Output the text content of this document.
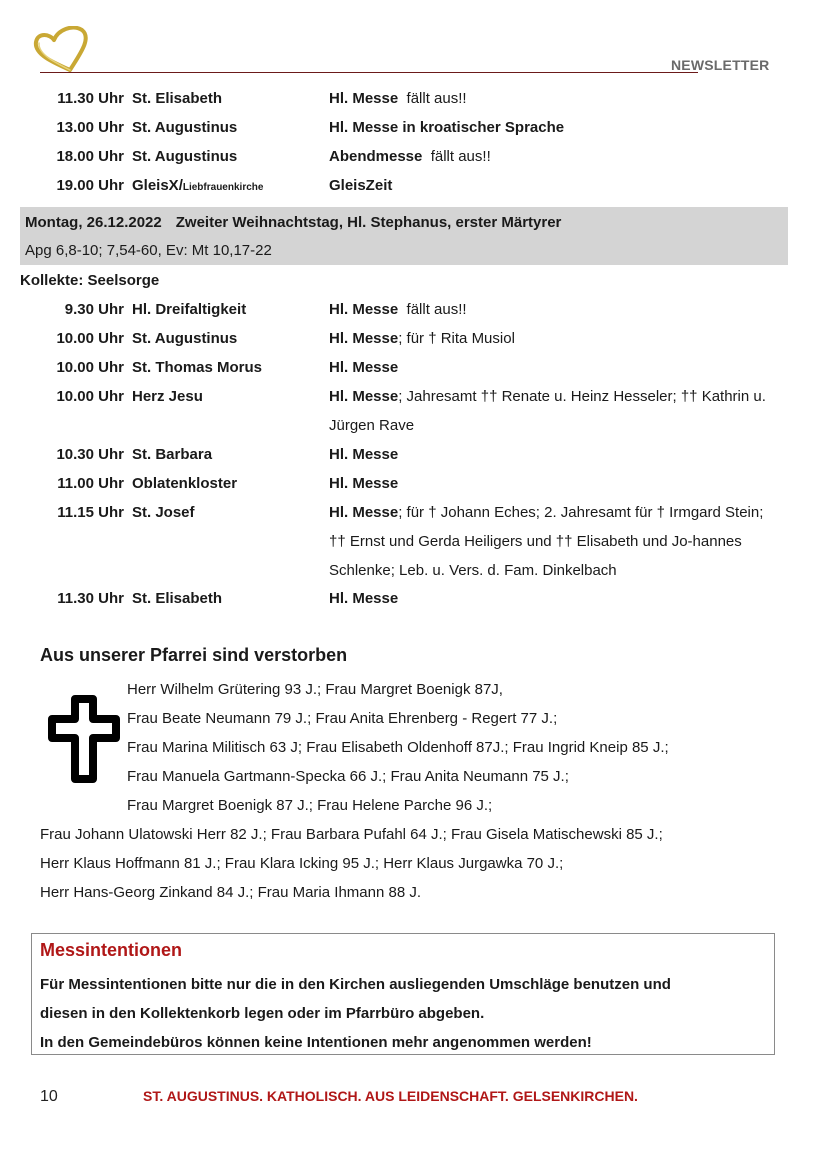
NEWSLETTER
11.30 Uhr St. Elisabeth	Hl. Messe  fällt aus!!
13.00 Uhr St. Augustinus	Hl. Messe in kroatischer Sprache
18.00 Uhr St. Augustinus	Abendmesse  fällt aus!!
19.00 Uhr GleisX/Liebfrauenkirche	GleisZeit
Montag, 26.12.2022 Zweiter Weihnachtstag, Hl. Stephanus, erster Märtyrer
Apg 6,8-10; 7,54-60, Ev: Mt 10,17-22
Kollekte: Seelsorge
9.30 Uhr Hl. Dreifaltigkeit	Hl. Messe  fällt aus!!
10.00 Uhr St. Augustinus	Hl. Messe; für † Rita Musiol
10.00 Uhr St. Thomas Morus	Hl. Messe
10.00 Uhr Herz Jesu	Hl. Messe; Jahresamt †† Renate u. Heinz Hesseler; †† Kathrin u. Jürgen Rave
10.30 Uhr St. Barbara	Hl. Messe
11.00 Uhr Oblatenkloster	Hl. Messe
11.15 Uhr St. Josef	Hl. Messe; für † Johann Eches; 2. Jahresamt für † Irmgard Stein; †† Ernst und Gerda Heiligers und †† Elisabeth und Jo-hannes Schlenke; Leb. u. Vers. d. Fam. Dinkelbach
11.30 Uhr St. Elisabeth	Hl. Messe
Aus unserer Pfarrei sind verstorben
Herr Wilhelm Grütering 93 J.; Frau Margret Boenigk 87J,
Frau Beate Neumann 79 J.; Frau Anita Ehrenberg - Regert 77 J.;
Frau Marina Militisch 63 J; Frau Elisabeth Oldenhoff 87J.; Frau Ingrid Kneip 85 J.;
Frau Manuela Gartmann-Specka 66 J.; Frau Anita Neumann 75 J.;
Frau Margret Boenigk 87 J.; Frau Helene Parche 96 J.;
Frau Johann Ulatowski Herr 82 J.; Frau Barbara Pufahl 64 J.; Frau Gisela Matischewski 85 J.;
Herr Klaus Hoffmann 81 J.; Frau Klara Icking 95 J.; Herr Klaus Jurgawka 70 J.;
Herr Hans-Georg Zinkand 84 J.; Frau Maria Ihmann 88 J.
Messintentionen
Für Messintentionen bitte nur die in den Kirchen ausliegenden Umschläge benutzen und
diesen in den Kollektenkorb legen oder im Pfarrbüro abgeben.
In den Gemeindebüros können keine Intentionen mehr angenommen werden!
10	ST. AUGUSTINUS. KATHOLISCH. AUS LEIDENSCHAFT. GELSENKIRCHEN.
